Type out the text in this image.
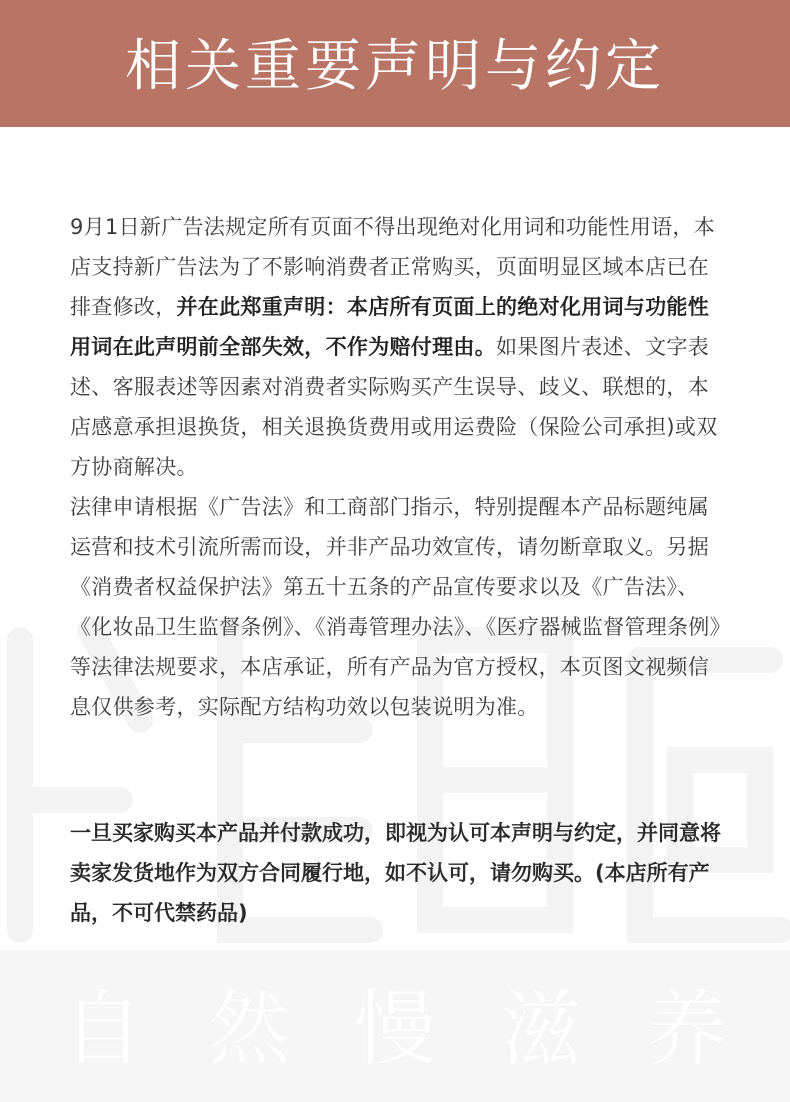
相关重要声明与约定

9月1日新广告法规定所有页面不得出现绝对化用词和功能性用语，本店支持新广告法为了不影响消费者正常购买，页面明显区域本店已在排查修改，并在此郑重声明：本店所有页面上的绝对化用词与功能性用词在此声明前全部失效，不作为赔付理由。如果图片表述、文字表述、客服表述等因素对消费者实际购买产生误导、歧义、联想的，本店感意承担退换货，相关退换货费用或用运费险（保险公司承担)或双方协商解决。

法律申请根据《广告法》和工商部门指示，特别提醒本产品标题纯属运营和技术引流所需而设，并非产品功效宣传，请勿断章取义。另据《消费者权益保护法》第五十五条的产品宣传要求以及《广告法》、《化妆品卫生监督条例》、《消毒管理办法》、《医疗器械监督管理条例》等法律法规要求，本店承证，所有产品为官方授权，本页图文视频信息仅供参考，实际配方结构功效以包装说明为准。

一旦买家购买本产品并付款成功，即视为认可本声明与约定，并同意将卖家发货地作为双方合同履行地，如不认可，请勿购买。(本店所有产品，不可代禁药品)
自 然 慢 滋 养
